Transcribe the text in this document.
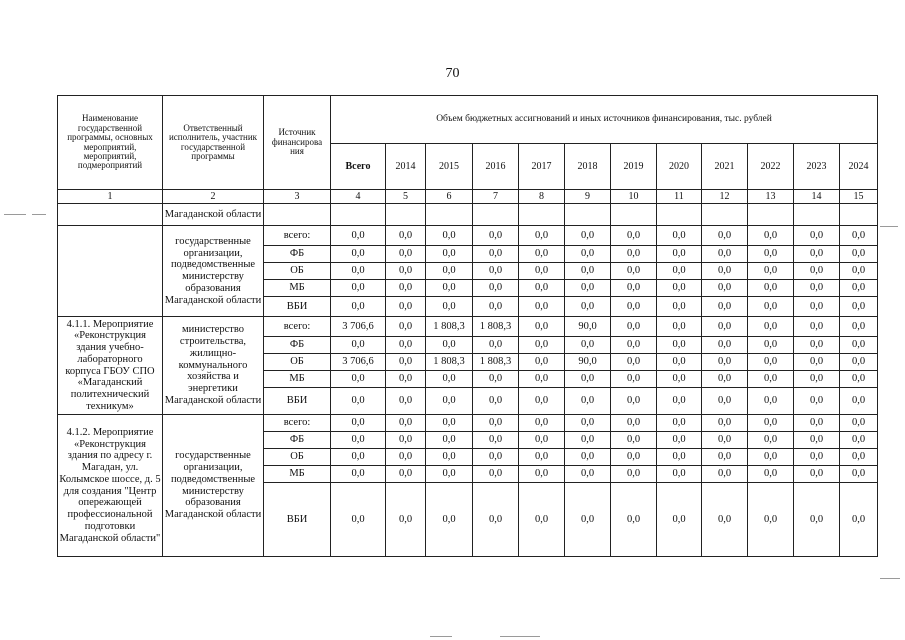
70
Наименование государственной программы, основных мероприятий, мероприятий, подмероприятий	Ответственный исполнитель, участник государственной программы	Источник финансирова ния	Объем бюджетных ассигнований и иных источников финансирования, тыс. рублей											
			Всего	2014	2015	2016	2017	2018	2019	2020	2021	2022	2023	2024
1	2	3	4	5	6	7	8	9	10	11	12	13	14	15
	Магаданской области													
	государственные организации, подведомственные министерству образования Магаданской области	всего:	0,0	0,0	0,0	0,0	0,0	0,0	0,0	0,0	0,0	0,0	0,0	0,0
		ФБ	0,0	0,0	0,0	0,0	0,0	0,0	0,0	0,0	0,0	0,0	0,0	0,0
		ОБ	0,0	0,0	0,0	0,0	0,0	0,0	0,0	0,0	0,0	0,0	0,0	0,0
		МБ	0,0	0,0	0,0	0,0	0,0	0,0	0,0	0,0	0,0	0,0	0,0	0,0
		ВБИ	0,0	0,0	0,0	0,0	0,0	0,0	0,0	0,0	0,0	0,0	0,0	0,0
4.1.1. Мероприятие «Реконструкция здания учебно-лабораторного корпуса ГБОУ СПО «Магаданский политехнический техникум»	министерство строительства, жилищно-коммунального хозяйства и энергетики Магаданской области	всего:	3 706,6	0,0	1 808,3	1 808,3	0,0	90,0	0,0	0,0	0,0	0,0	0,0	0,0
		ФБ	0,0	0,0	0,0	0,0	0,0	0,0	0,0	0,0	0,0	0,0	0,0	0,0
		ОБ	3 706,6	0,0	1 808,3	1 808,3	0,0	90,0	0,0	0,0	0,0	0,0	0,0	0,0
		МБ	0,0	0,0	0,0	0,0	0,0	0,0	0,0	0,0	0,0	0,0	0,0	0,0
		ВБИ	0,0	0,0	0,0	0,0	0,0	0,0	0,0	0,0	0,0	0,0	0,0	0,0
4.1.2. Мероприятие «Реконструкция здания по адресу г. Магадан, ул. Колымское шоссе, д. 5 для создания "Центр опережающей профессиональной подготовки Магаданской области"	государственные организации, подведомственные министерству образования Магаданской области	всего:	0,0	0,0	0,0	0,0	0,0	0,0	0,0	0,0	0,0	0,0	0,0	0,0
		ФБ	0,0	0,0	0,0	0,0	0,0	0,0	0,0	0,0	0,0	0,0	0,0	0,0
		ОБ	0,0	0,0	0,0	0,0	0,0	0,0	0,0	0,0	0,0	0,0	0,0	0,0
		МБ	0,0	0,0	0,0	0,0	0,0	0,0	0,0	0,0	0,0	0,0	0,0	0,0
		ВБИ	0,0	0,0	0,0	0,0	0,0	0,0	0,0	0,0	0,0	0,0	0,0	0,0
